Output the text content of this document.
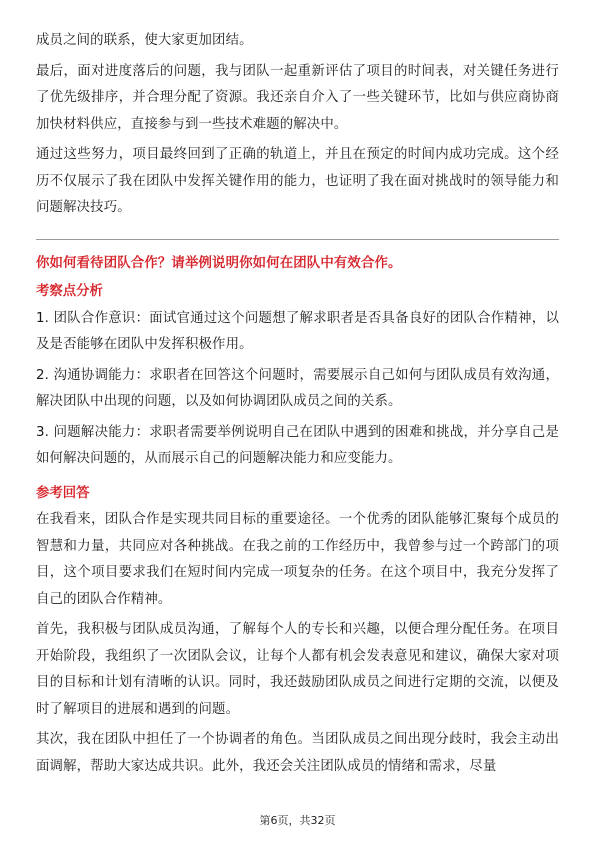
成员之间的联系，使大家更加团结。

最后，面对进度落后的问题，我与团队一起重新评估了项目的时间表，对关键任务进行了优先级排序，并合理分配了资源。我还亲自介入了一些关键环节，比如与供应商协商加快材料供应，直接参与到一些技术难题的解决中。

通过这些努力，项目最终回到了正确的轨道上，并且在预定的时间内成功完成。这个经历不仅展示了我在团队中发挥关键作用的能力，也证明了我在面对挑战时的领导能力和问题解决技巧。

你如何看待团队合作？请举例说明你如何在团队中有效合作。

考察点分析

1. 团队合作意识：面试官通过这个问题想了解求职者是否具备良好的团队合作精神，以及是否能够在团队中发挥积极作用。

2. 沟通协调能力：求职者在回答这个问题时，需要展示自己如何与团队成员有效沟通，解决团队中出现的问题，以及如何协调团队成员之间的关系。

3. 问题解决能力：求职者需要举例说明自己在团队中遇到的困难和挑战，并分享自己是如何解决问题的，从而展示自己的问题解决能力和应变能力。

参考回答

在我看来，团队合作是实现共同目标的重要途径。一个优秀的团队能够汇聚每个成员的智慧和力量，共同应对各种挑战。在我之前的工作经历中，我曾参与过一个跨部门的项目，这个项目要求我们在短时间内完成一项复杂的任务。在这个项目中，我充分发挥了自己的团队合作精神。

首先，我积极与团队成员沟通，了解每个人的专长和兴趣，以便合理分配任务。在项目开始阶段，我组织了一次团队会议，让每个人都有机会发表意见和建议，确保大家对项目的目标和计划有清晰的认识。同时，我还鼓励团队成员之间进行定期的交流，以便及时了解项目的进展和遇到的问题。

其次，我在团队中担任了一个协调者的角色。当团队成员之间出现分歧时，我会主动出面调解，帮助大家达成共识。此外，我还会关注团队成员的情绪和需求，尽量

第6页，共32页
